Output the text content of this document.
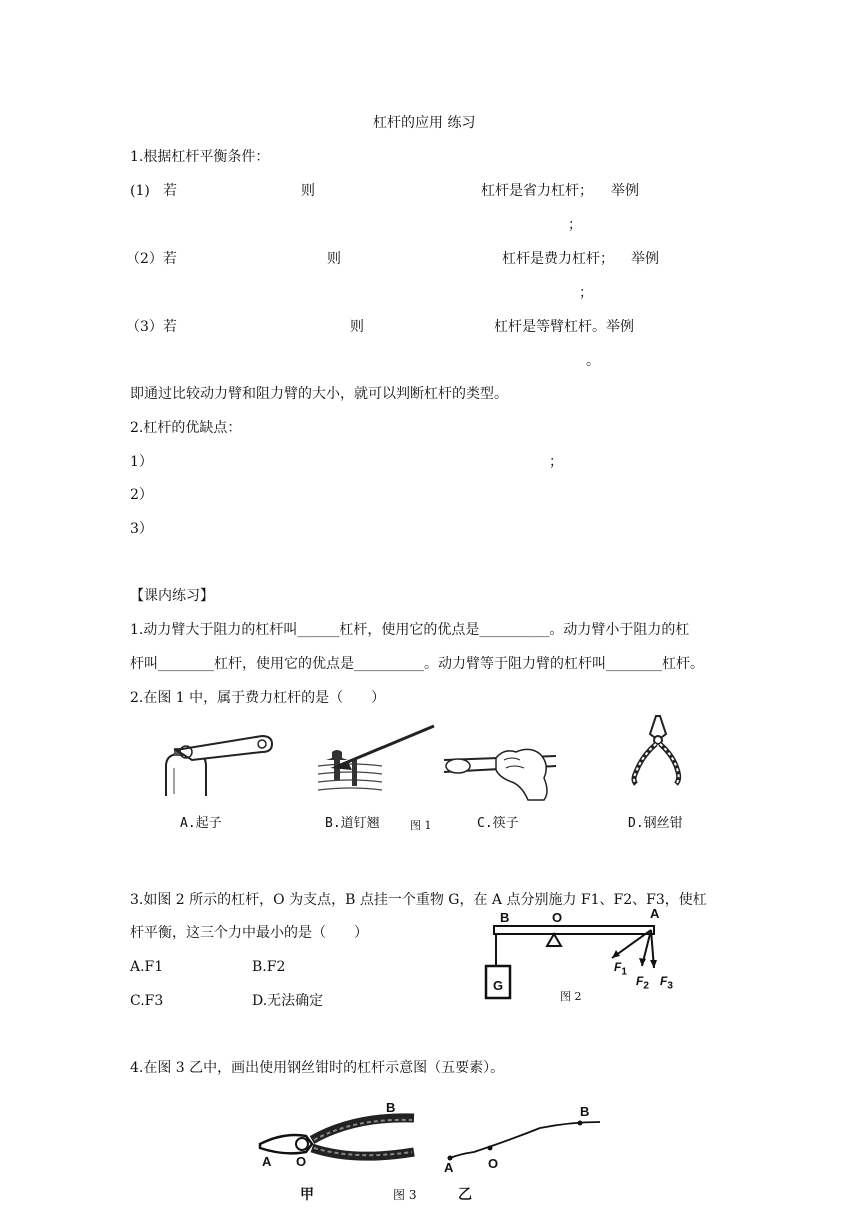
杠杆的应用 练习
1.根据杠杆平衡条件：
(1) 若	则	杠杆是省力杠杆； 举例
；
（2）若	则	杠杆是费力杠杆； 举例
；
（3）若	则	杠杆是等臂杠杆。举例
。
即通过比较动力臂和阻力臂的大小，就可以判断杠杆的类型。
2.杠杆的优缺点：
1）	；
2）
3）
【课内练习】
1.动力臂大于阻力的杠杆叫______杠杆，使用它的优点是__________。动力臂小于阻力的杠
杆叫________杠杆，使用它的优点是__________。动力臂等于阻力臂的杠杆叫________杠杆。
2.在图 1 中，属于费力杠杆的是（　　）
A.起子	B.道钉翘	图 1	C.筷子	D.钢丝钳
3.如图 2 所示的杠杆，O 为支点，B 点挂一个重物 G，在 A 点分别施力 F1、F2、F3，使杠
杆平衡，这三个力中最小的是（　　）
A.F1	B.F2
C.F3	D.无法确定
B	O	A
G
$F_1$
$F_2$ $F_3$
图 2
4.在图 3 乙中，画出使用钢丝钳时的杠杆示意图（五要素）。
B
A O
甲	图 3	乙
A	O
B
